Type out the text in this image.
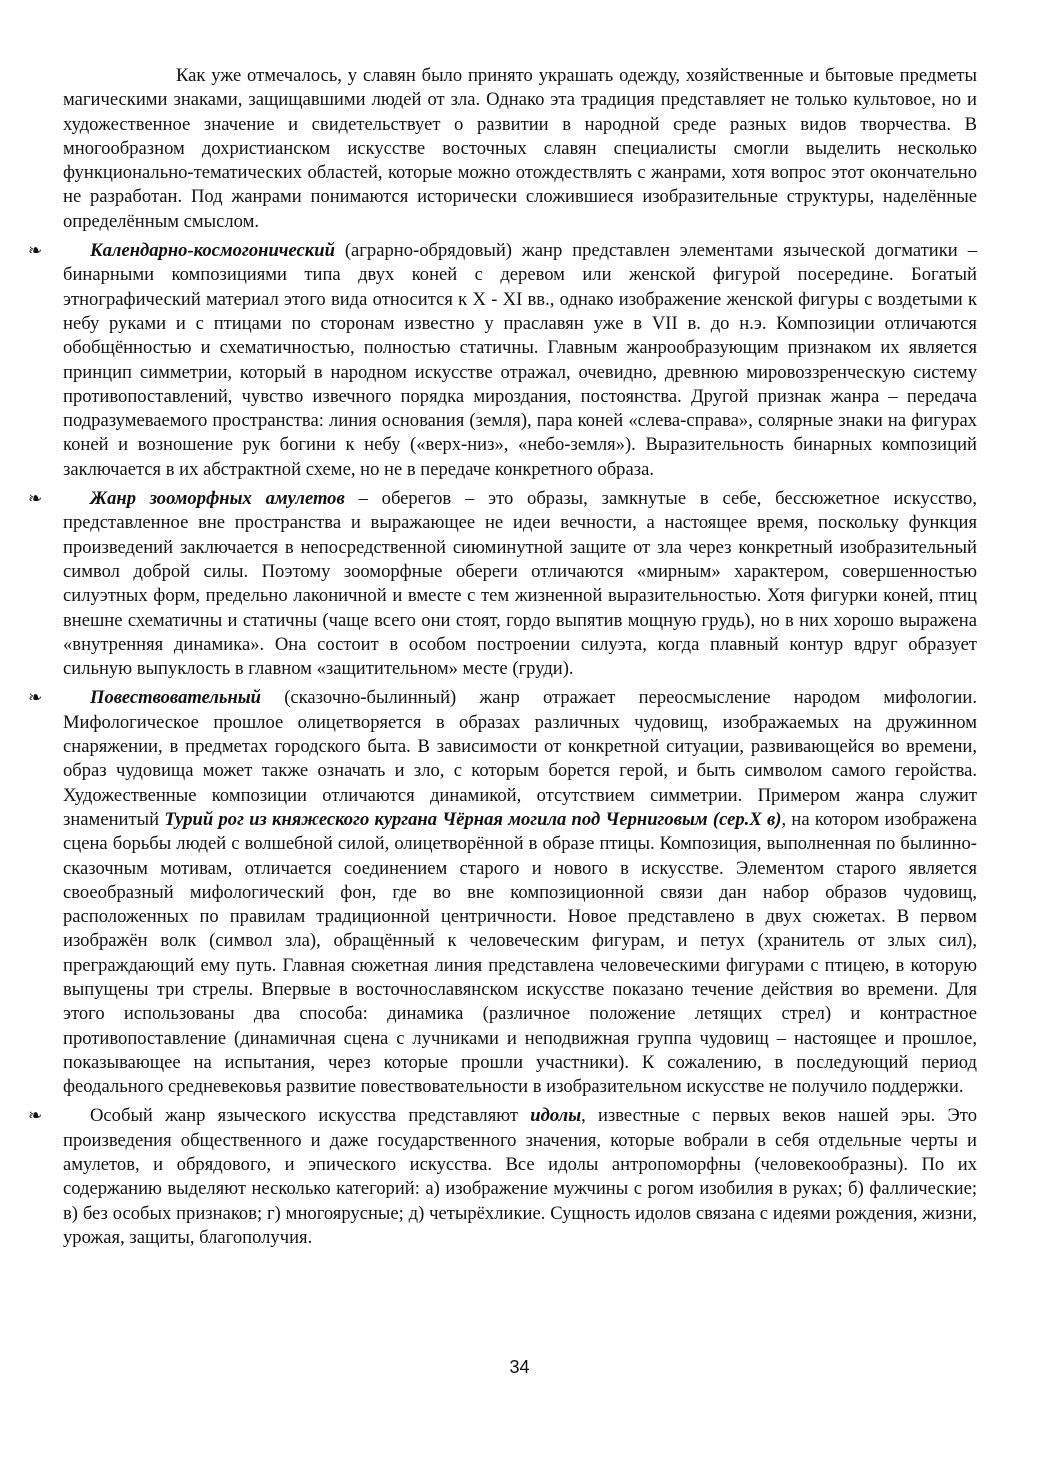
Как уже отмечалось, у славян было принято украшать одежду, хозяйственные и бытовые предметы магическими знаками, защищавшими людей от зла. Однако эта традиция представляет не только культовое, но и художественное значение и свидетельствует о развитии в народной среде разных видов творчества. В многообразном дохристианском искусстве восточных славян специалисты смогли выделить несколько функционально-тематических областей, которые можно отождествлять с жанрами, хотя вопрос этот окончательно не разработан. Под жанрами понимаются исторически сложившиеся изобразительные структуры, наделённые определённым смыслом.

❧	Календарно-космогонический (аграрно-обрядовый) жанр представлен элементами языческой догматики – бинарными композициями типа двух коней с деревом или женской фигурой посередине. Богатый этнографический материал этого вида относится к X - XI вв., однако изображение женской фигуры с воздетыми к небу руками и с птицами по сторонам известно у праславян уже в VII в. до н.э. Композиции отличаются обобщённостью и схематичностью, полностью статичны. Главным жанрообразующим признаком их является принцип симметрии, который в народном искусстве отражал, очевидно, древнюю мировоззренческую систему противопоставлений, чувство извечного порядка мироздания, постоянства. Другой признак жанра – передача подразумеваемого пространства: линия основания (земля), пара коней «слева-справа», солярные знаки на фигурах коней и возношение рук богини к небу («верх-низ», «небо-земля»). Выразительность бинарных композиций заключается в их абстрактной схеме, но не в передаче конкретного образа.

❧	Жанр зооморфных амулетов – оберегов – это образы, замкнутые в себе, бессюжетное искусство, представленное вне пространства и выражающее не идеи вечности, а настоящее время, поскольку функция произведений заключается в непосредственной сиюминутной защите от зла через конкретный изобразительный символ доброй силы. Поэтому зооморфные обереги отличаются «мирным» характером, совершенностью силуэтных форм, предельно лаконичной и вместе с тем жизненной выразительностью. Хотя фигурки коней, птиц внешне схематичны и статичны (чаще всего они стоят, гордо выпятив мощную грудь), но в них хорошо выражена «внутренняя динамика». Она состоит в особом построении силуэта, когда плавный контур вдруг образует сильную выпуклость в главном «защитительном» месте (груди).

❧	Повествовательный (сказочно-былинный) жанр отражает переосмысление народом мифологии. Мифологическое прошлое олицетворяется в образах различных чудовищ, изображаемых на дружинном снаряжении, в предметах городского быта. В зависимости от конкретной ситуации, развивающейся во времени, образ чудовища может также означать и зло, с которым борется герой, и быть символом самого геройства. Художественные композиции отличаются динамикой, отсутствием симметрии. Примером жанра служит знаменитый Турий рог из княжеского кургана Чёрная могила под Черниговым (сер.X в), на котором изображена сцена борьбы людей с волшебной силой, олицетворённой в образе птицы. Композиция, выполненная по былинно-сказочным мотивам, отличается соединением старого и нового в искусстве. Элементом старого является своеобразный мифологический фон, где во вне композиционной связи дан набор образов чудовищ, расположенных по правилам традиционной центричности. Новое представлено в двух сюжетах. В первом изображён волк (символ зла), обращённый к человеческим фигурам, и петух (хранитель от злых сил), преграждающий ему путь. Главная сюжетная линия представлена человеческими фигурами с птицею, в которую выпущены три стрелы. Впервые в восточнославянском искусстве показано течение действия во времени. Для этого использованы два способа: динамика (различное положение летящих стрел) и контрастное противопоставление (динамичная сцена с лучниками и неподвижная группа чудовищ – настоящее и прошлое, показывающее на испытания, через которые прошли участники). К сожалению, в последующий период феодального средневековья развитие повествовательности в изобразительном искусстве не получило поддержки.

❧	Особый жанр языческого искусства представляют идолы, известные с первых веков нашей эры. Это произведения общественного и даже государственного значения, которые вобрали в себя отдельные черты и амулетов, и обрядового, и эпического искусства. Все идолы антропоморфны (человекообразны). По их содержанию выделяют несколько категорий: а) изображение мужчины с рогом изобилия в руках; б) фаллические; в) без особых признаков; г) многоярусные; д) четырёхликие. Сущность идолов связана с идеями рождения, жизни, урожая, защиты, благополучия.

34
